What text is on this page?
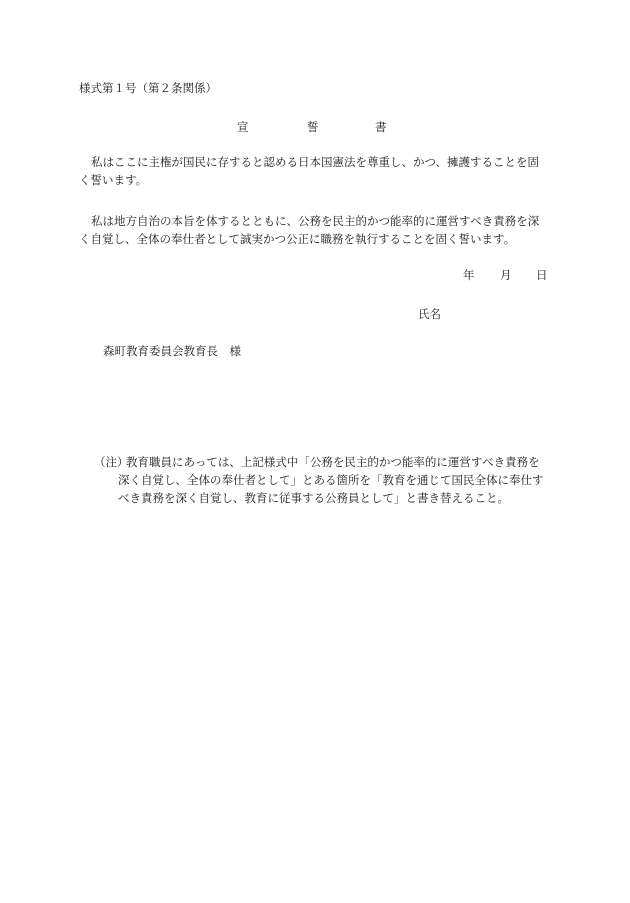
様式第１号（第２条関係）
宣	誓	書
私はここに主権が国民に存すると認める日本国憲法を尊重し、かつ、擁護することを固
く誓います。
私は地方自治の本旨を体するとともに、公務を民主的かつ能率的に運営すべき責務を深
く自覚し、全体の奉仕者として誠実かつ公正に職務を執行することを固く誓います。
年 月 日
氏名
森町教育委員会教育長　様
（注）
教育職員にあっては、上記様式中「公務を民主的かつ能率的に運営すべき責務を
深く自覚し、全体の奉仕者として」とある箇所を「教育を通じて国民全体に奉仕す
べき責務を深く自覚し、教育に従事する公務員として」と書き替えること。
